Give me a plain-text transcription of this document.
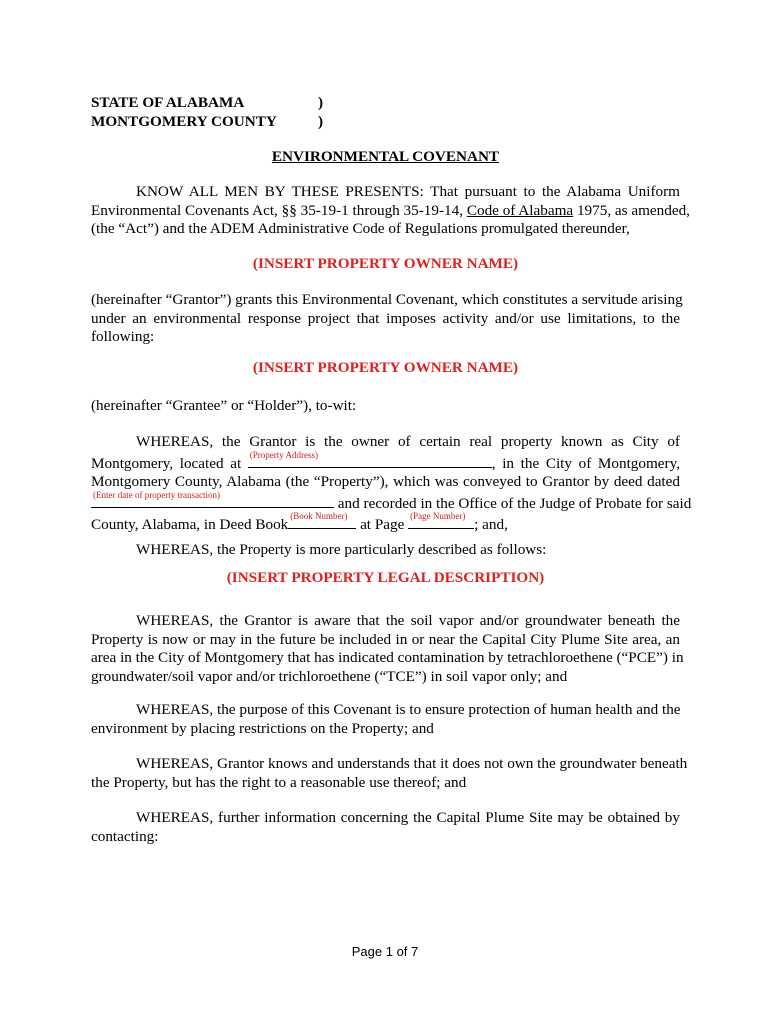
STATE OF ALABAMA	)
MONTGOMERY COUNTY	)
ENVIRONMENTAL COVENANT
KNOW ALL MEN BY THESE PRESENTS: That pursuant to the Alabama Uniform
Environmental Covenants Act, §§ 35-19-1 through 35-19-14, Code of Alabama 1975, as amended,
(the “Act”) and the ADEM Administrative Code of Regulations promulgated thereunder,
(INSERT PROPERTY OWNER NAME)
(hereinafter “Grantor”) grants this Environmental Covenant, which constitutes a servitude arising
under an environmental response project that imposes activity and/or use limitations, to the
following:
(INSERT PROPERTY OWNER NAME)
(hereinafter “Grantee” or “Holder”), to-wit:
WHEREAS, the Grantor is the owner of certain real property known as City of
Montgomery, located at (Property Address)	, in the City of Montgomery,
Montgomery County, Alabama (the “Property”), which was conveyed to Grantor by deed dated
(Enter date of property transaction)	and recorded in the Office of the Judge of Probate for said
County, Alabama, in Deed Book (Book Number) at Page (Page Number) ; and,
WHEREAS, the Property is more particularly described as follows:
(INSERT PROPERTY LEGAL DESCRIPTION)
WHEREAS, the Grantor is aware that the soil vapor and/or groundwater beneath the
Property is now or may in the future be included in or near the Capital City Plume Site area, an
area in the City of Montgomery that has indicated contamination by tetrachloroethene (“PCE”) in
groundwater/soil vapor and/or trichloroethene (“TCE”) in soil vapor only; and
WHEREAS, the purpose of this Covenant is to ensure protection of human health and the
environment by placing restrictions on the Property; and
WHEREAS, Grantor knows and understands that it does not own the groundwater beneath
the Property, but has the right to a reasonable use thereof; and
WHEREAS, further information concerning the Capital Plume Site may be obtained by
contacting:
Page 1 of 7
